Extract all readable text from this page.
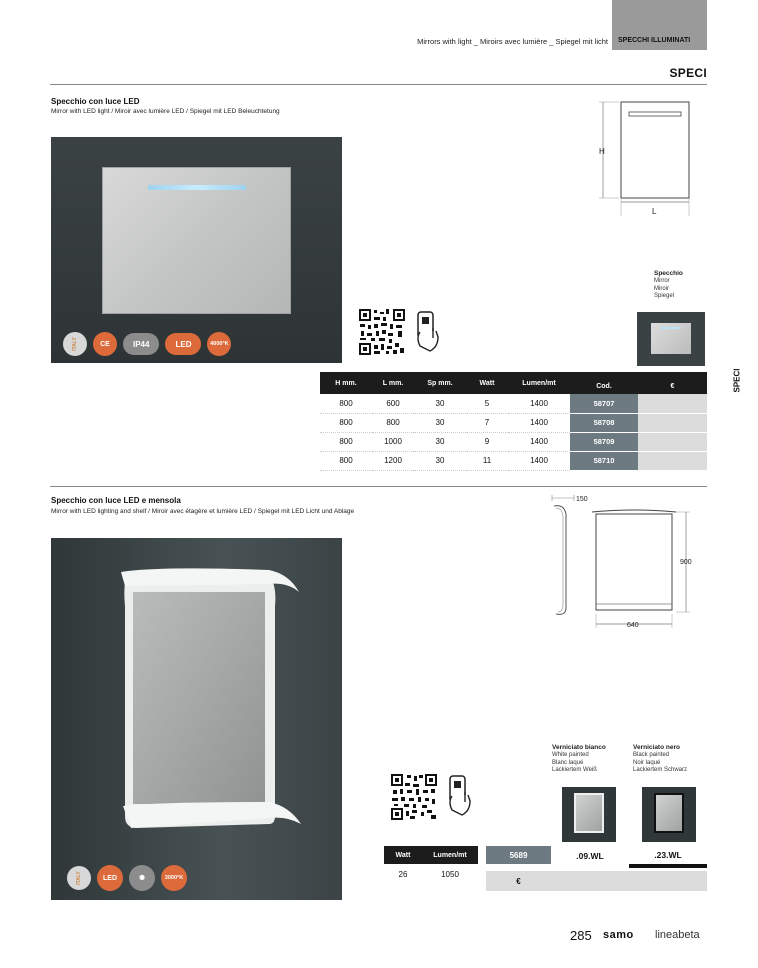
Mirrors with light _ Miroirs avec lumière _ Spiegel mit licht SPECCHI ILLUMINATI
SPECI
SPECI
Specchio con luce LED
Mirror with LED light / Miroir avec lumière LED / Spiegel mit LED Beleuchtetung
ITALY	CE	IP44	LED	4000°K
H
L
Specchio
Mirror
Miroir
Spiegel
H mm.	L mm.	Sp mm.	Watt	Lumen/mt	Cod.	€
800	600	30	5	1400	58707	
800	800	30	7	1400	58708	
800	1000	30	9	1400	58709	
800	1200	30	11	1400	58710	
Specchio con luce LED e mensola
Mirror with LED lighting and shelf / Miroir avec étagère et lumière LED / Spiegel mit LED Licht und Ablage
ITALY	LED	✺	3000°K
150
900
640
Verniciato bianco
White painted
Blanc laqué
Lackiertem Weiß
Verniciato nero
Black painted
Noir laqué
Lackiertem Schwarz
Watt	Lumen/mt
26	1050
5689
€
.09.WL	.23.WL
285 samo lineabeta
